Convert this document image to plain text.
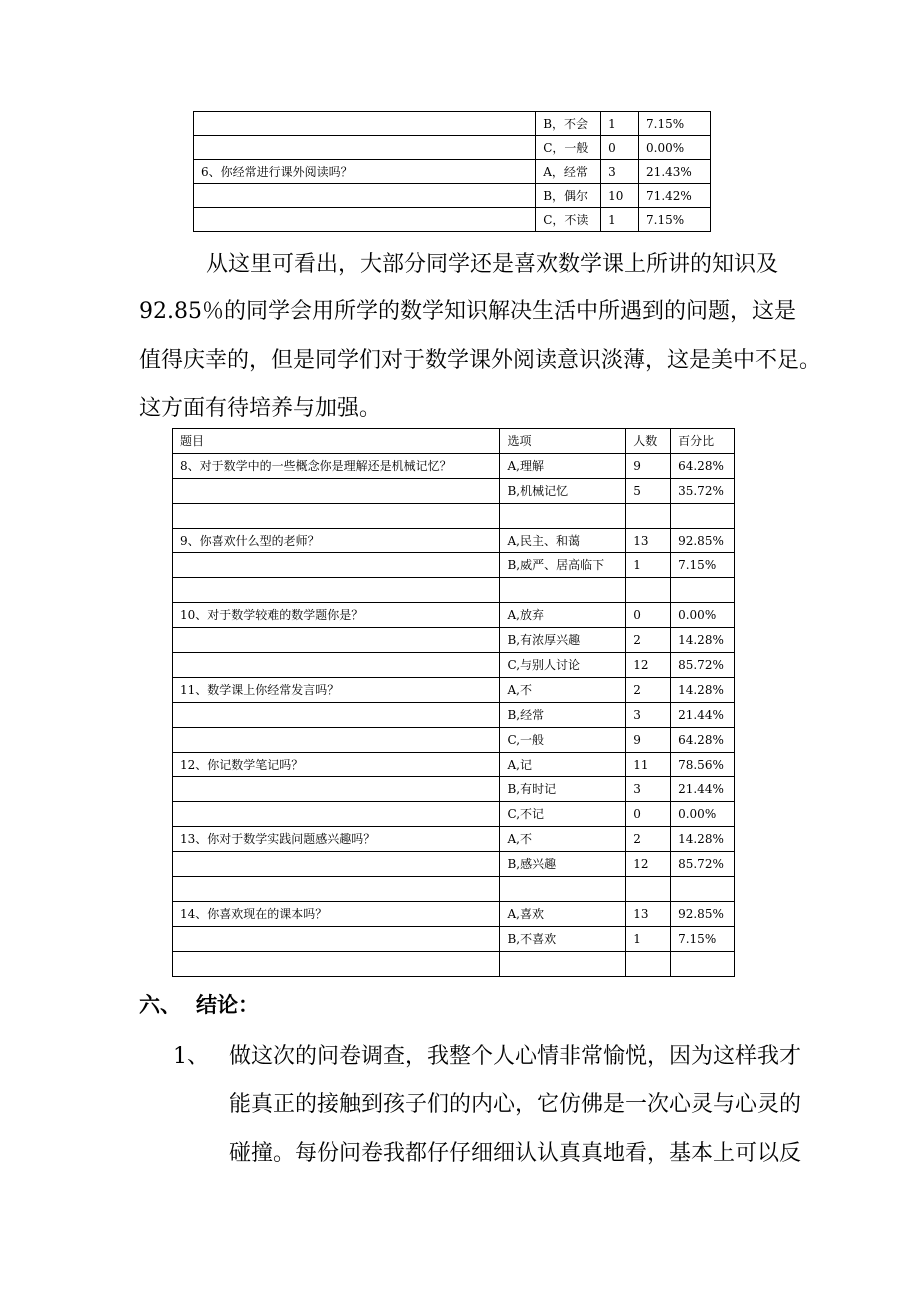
	B，不会	1	7.15%
	C，一般	0	0.00%
6、你经常进行课外阅读吗？	A，经常	3	21.43%
	B，偶尔	10	71.42%
	C，不读	1	7.15%

从这里可看出，大部分同学还是喜欢数学课上所讲的知识及

92.85％的同学会用所学的数学知识解决生活中所遇到的问题，这是

值得庆幸的，但是同学们对于数学课外阅读意识淡薄，这是美中不足。

这方面有待培养与加强。

题目	选项	人数	百分比
8、对于数学中的一些概念你是理解还是机械记忆？	A,理解	9	64.28%
	B,机械记忆	5	35.72%

9、你喜欢什么型的老师？	A,民主、和蔼	13	92.85%
	B,威严、居高临下	1	7.15%

10、对于数学较难的数学题你是？	A,放弃	0	0.00%
	B,有浓厚兴趣	2	14.28%
	C,与别人讨论	12	85.72%
11、数学课上你经常发言吗？	A,不	2	14.28%
	B,经常	3	21.44%
	C,一般	9	64.28%
12、你记数学笔记吗？	A,记	11	78.56%
	B,有时记	3	21.44%
	C,不记	0	0.00%
13、你对于数学实践问题感兴趣吗？	A,不	2	14.28%
	B,感兴趣	12	85.72%

14、你喜欢现在的课本吗？	A,喜欢	13	92.85%
	B,不喜欢	1	7.15%

六、 结论：

1、 做这次的问卷调查，我整个人心情非常愉悦，因为这样我才

能真正的接触到孩子们的内心，它仿佛是一次心灵与心灵的

碰撞。每份问卷我都仔仔细细认认真真地看，基本上可以反
